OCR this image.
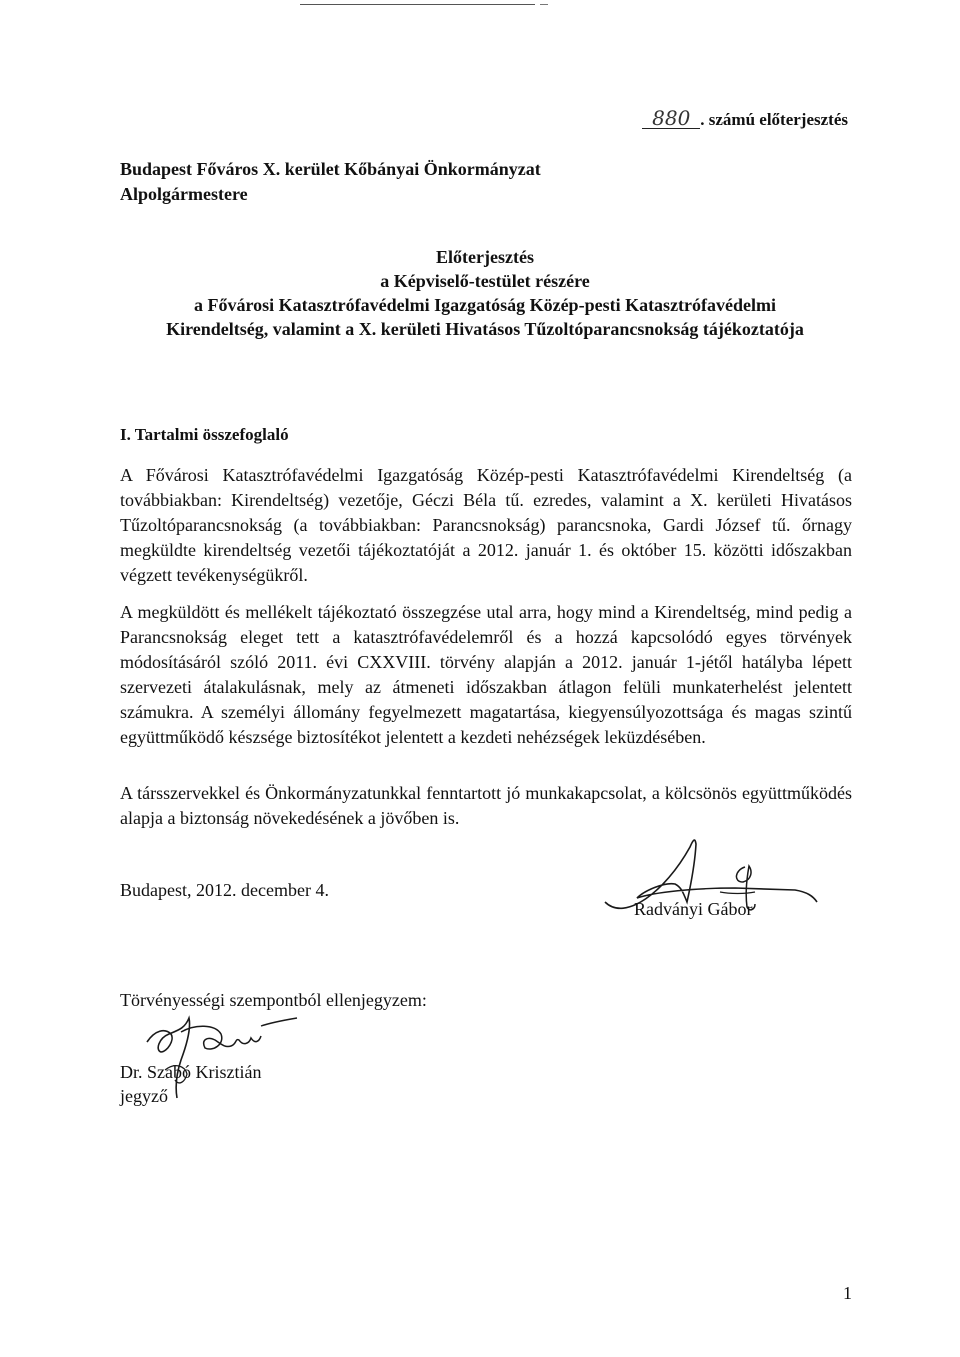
880 . számú előterjesztés
Budapest Főváros X. kerület Kőbányai Önkormányzat
Alpolgármestere
Előterjesztés
a Képviselő-testület részére
a Fővárosi Katasztrófavédelmi Igazgatóság Közép-pesti Katasztrófavédelmi
Kirendeltség, valamint a X. kerületi Hivatásos Tűzoltóparancsnokság tájékoztatója
I. Tartalmi összefoglaló
A Fővárosi Katasztrófavédelmi Igazgatóság Közép-pesti Katasztrófavédelmi Kirendeltség (a továbbiakban: Kirendeltség) vezetője, Géczi Béla tű. ezredes, valamint a X. kerületi Hivatásos Tűzoltóparancsnokság (a továbbiakban: Parancsnokság) parancsnoka, Gardi József tű. őrnagy megküldte kirendeltség vezetői tájékoztatóját a 2012. január 1. és október 15. közötti időszakban végzett tevékenységükről.
A megküldött és mellékelt tájékoztató összegzése utal arra, hogy mind a Kirendeltség, mind pedig a Parancsnokság eleget tett a katasztrófavédelemről és a hozzá kapcsolódó egyes törvények módosításáról szóló 2011. évi CXXVIII. törvény alapján a 2012. január 1-jétől hatályba lépett szervezeti átalakulásnak, mely az átmeneti időszakban átlagon felüli munkaterhelést jelentett számukra. A személyi állomány fegyelmezett magatartása, kiegyensúlyozottsága és magas szintű együttműködő készsége biztosítékot jelentett a kezdeti nehézségek leküzdésében.
A társszervekkel és Önkormányzatunkkal fenntartott jó munkakapcsolat, a kölcsönös együttműködés alapja a biztonság növekedésének a jövőben is.
Budapest, 2012. december 4.
Radványi Gábor
Törvényességi szempontból ellenjegyzem:
Dr. Szabó Krisztián
jegyző
1
